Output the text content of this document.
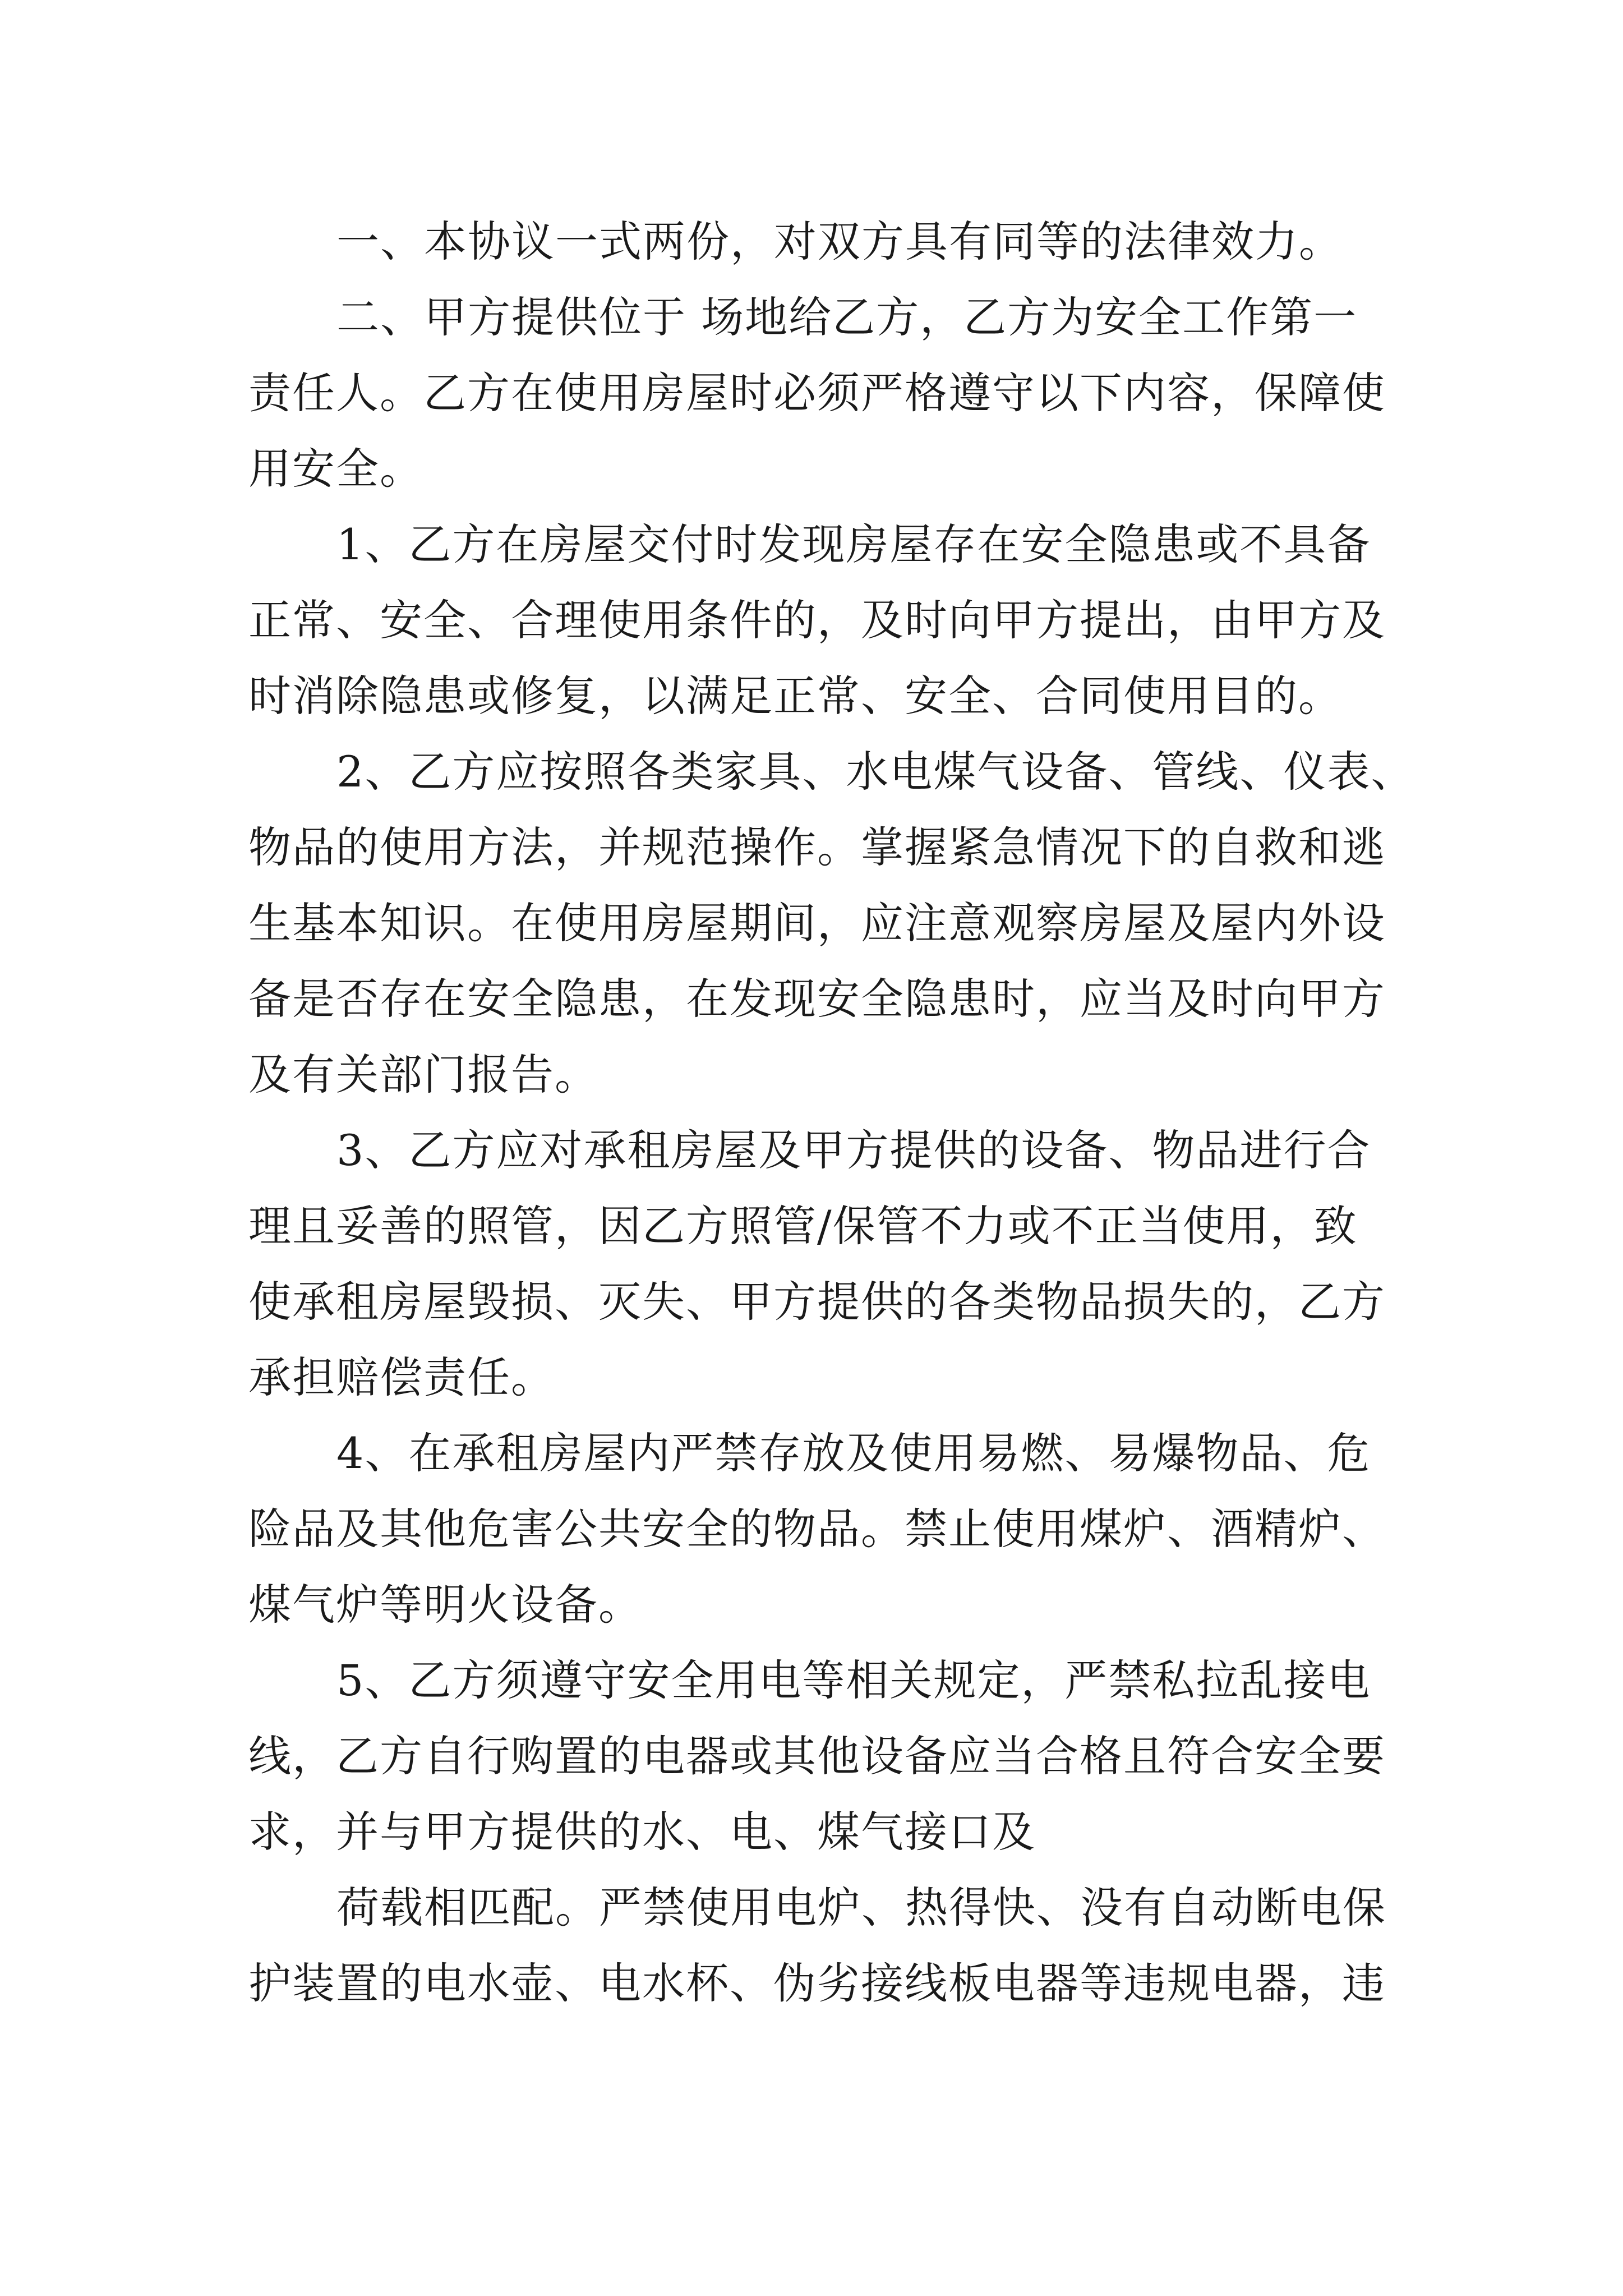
一、本协议一式两份，对双方具有同等的法律效力。

二、甲方提供位于 场地给乙方，乙方为安全工作第一

责任人。乙方在使用房屋时必须严格遵守以下内容，保障使

用安全。

1、乙方在房屋交付时发现房屋存在安全隐患或不具备

正常、安全、合理使用条件的，及时向甲方提出，由甲方及

时消除隐患或修复，以满足正常、安全、合同使用目的。

2、乙方应按照各类家具、水电煤气设备、管线、仪表、

物品的使用方法，并规范操作。掌握紧急情况下的自救和逃

生基本知识。在使用房屋期间，应注意观察房屋及屋内外设

备是否存在安全隐患，在发现安全隐患时，应当及时向甲方

及有关部门报告。

3、乙方应对承租房屋及甲方提供的设备、物品进行合

理且妥善的照管，因乙方照管/保管不力或不正当使用，致

使承租房屋毁损、灭失、甲方提供的各类物品损失的，乙方

承担赔偿责任。

4、在承租房屋内严禁存放及使用易燃、易爆物品、危

险品及其他危害公共安全的物品。禁止使用煤炉、酒精炉、

煤气炉等明火设备。

5、乙方须遵守安全用电等相关规定，严禁私拉乱接电

线，乙方自行购置的电器或其他设备应当合格且符合安全要

求，并与甲方提供的水、电、煤气接口及

荷载相匹配。严禁使用电炉、热得快、没有自动断电保

护装置的电水壶、电水杯、伪劣接线板电器等违规电器，违
